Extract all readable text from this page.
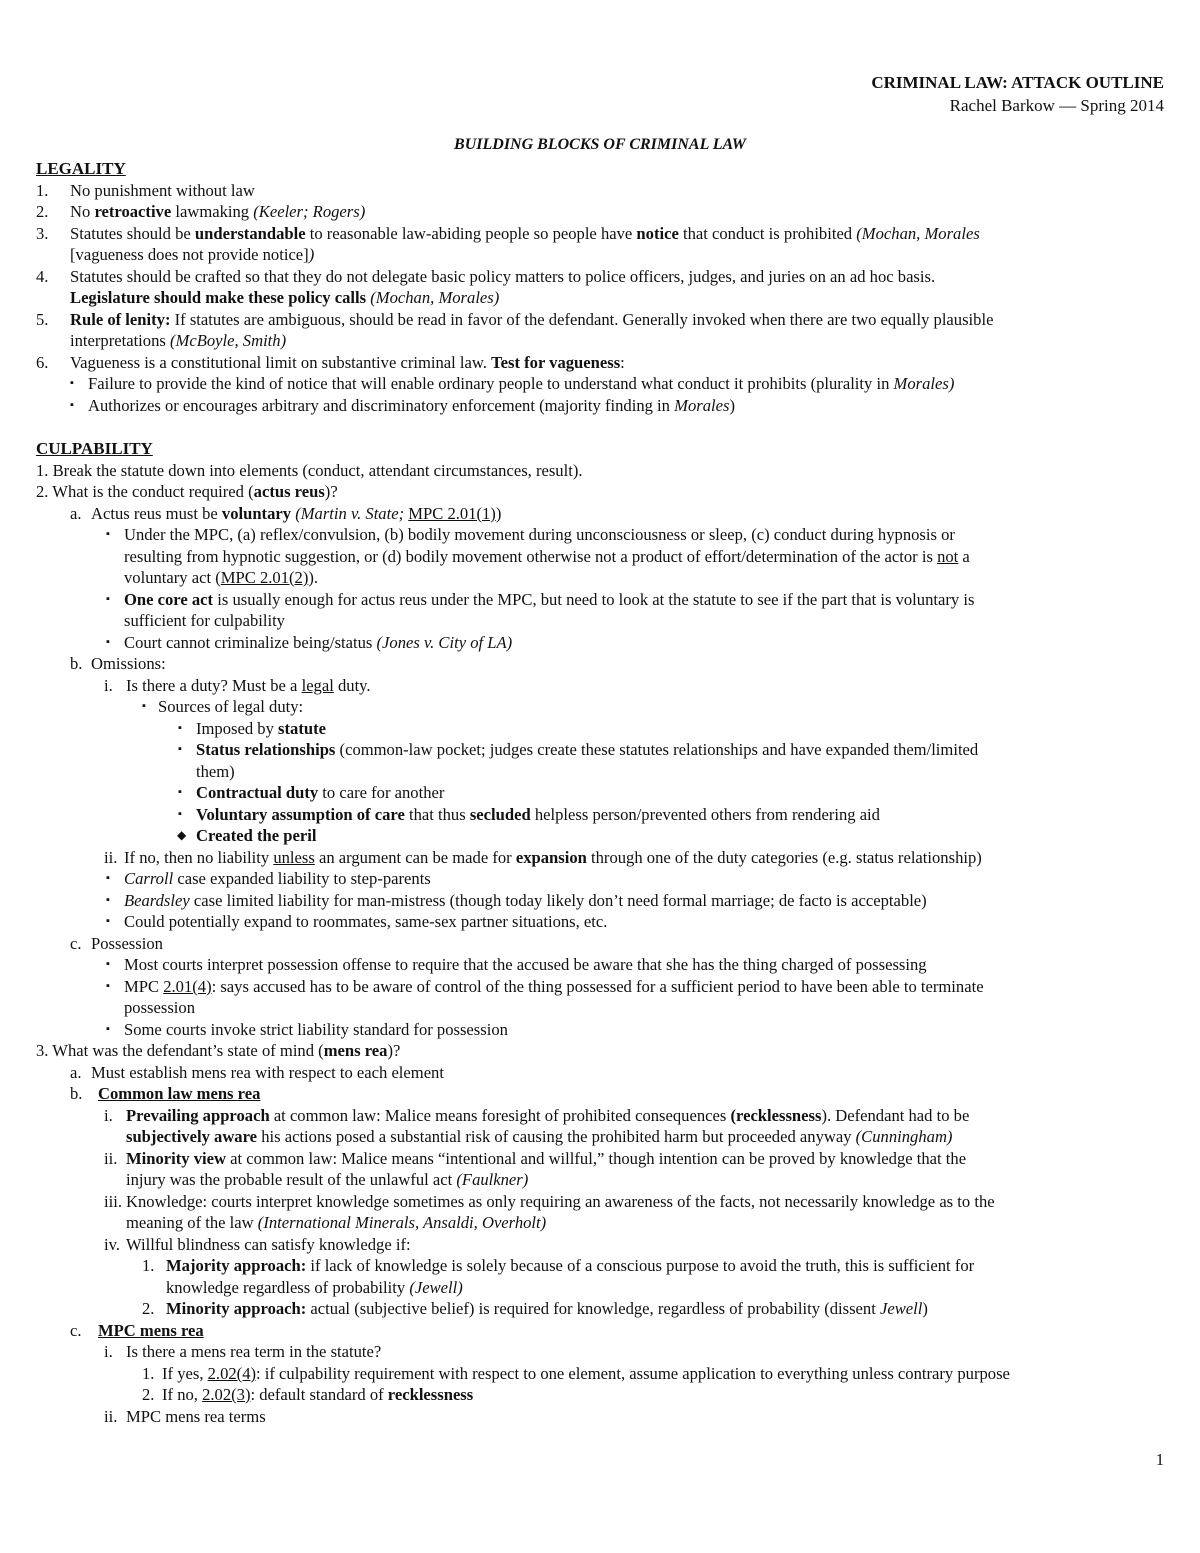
CRIMINAL LAW: ATTACK OUTLINE
Rachel Barkow — Spring 2014
BUILDING BLOCKS OF CRIMINAL LAW
LEGALITY
1. No punishment without law
2. No retroactive lawmaking (Keeler; Rogers)
3. Statutes should be understandable to reasonable law-abiding people so people have notice that conduct is prohibited (Mochan, Morales
[vagueness does not provide notice])
4. Statutes should be crafted so that they do not delegate basic policy matters to police officers, judges, and juries on an ad hoc basis.
Legislature should make these policy calls (Mochan, Morales)
5. Rule of lenity: If statutes are ambiguous, should be read in favor of the defendant. Generally invoked when there are two equally plausible
interpretations (McBoyle, Smith)
6. Vagueness is a constitutional limit on substantive criminal law. Test for vagueness:
▪ Failure to provide the kind of notice that will enable ordinary people to understand what conduct it prohibits (plurality in Morales)
▪ Authorizes or encourages arbitrary and discriminatory enforcement (majority finding in Morales)
CULPABILITY
1. Break the statute down into elements (conduct, attendant circumstances, result).
2. What is the conduct required (actus reus)?
a. Actus reus must be voluntary (Martin v. State; MPC 2.01(1))
▪ Under the MPC, (a) reflex/convulsion, (b) bodily movement during unconsciousness or sleep, (c) conduct during hypnosis or
resulting from hypnotic suggestion, or (d) bodily movement otherwise not a product of effort/determination of the actor is not a
voluntary act (MPC 2.01(2)).
▪ One core act is usually enough for actus reus under the MPC, but need to look at the statute to see if the part that is voluntary is
sufficient for culpability
▪ Court cannot criminalize being/status (Jones v. City of LA)
b. Omissions:
i. Is there a duty? Must be a legal duty.
▪ Sources of legal duty:
▪ Imposed by statute
▪ Status relationships (common-law pocket; judges create these statutes relationships and have expanded them/limited
them)
▪ Contractual duty to care for another
▪ Voluntary assumption of care that thus secluded helpless person/prevented others from rendering aid
◆ Created the peril
ii. If no, then no liability unless an argument can be made for expansion through one of the duty categories (e.g. status relationship)
▪ Carroll case expanded liability to step-parents
▪ Beardsley case limited liability for man-mistress (though today likely don’t need formal marriage; de facto is acceptable)
▪ Could potentially expand to roommates, same-sex partner situations, etc.
c. Possession
▪ Most courts interpret possession offense to require that the accused be aware that she has the thing charged of possessing
▪ MPC 2.01(4): says accused has to be aware of control of the thing possessed for a sufficient period to have been able to terminate
possession
▪ Some courts invoke strict liability standard for possession
3. What was the defendant’s state of mind (mens rea)?
a. Must establish mens rea with respect to each element
b. Common law mens rea
i. Prevailing approach at common law: Malice means foresight of prohibited consequences (recklessness). Defendant had to be
subjectively aware his actions posed a substantial risk of causing the prohibited harm but proceeded anyway (Cunningham)
ii. Minority view at common law: Malice means “intentional and willful,” though intention can be proved by knowledge that the
injury was the probable result of the unlawful act (Faulkner)
iii. Knowledge: courts interpret knowledge sometimes as only requiring an awareness of the facts, not necessarily knowledge as to the
meaning of the law (International Minerals, Ansaldi, Overholt)
iv. Willful blindness can satisfy knowledge if:
1. Majority approach: if lack of knowledge is solely because of a conscious purpose to avoid the truth, this is sufficient for
knowledge regardless of probability (Jewell)
2. Minority approach: actual (subjective belief) is required for knowledge, regardless of probability (dissent Jewell)
c. MPC mens rea
i. Is there a mens rea term in the statute?
1. If yes, 2.02(4): if culpability requirement with respect to one element, assume application to everything unless contrary purpose
2. If no, 2.02(3): default standard of recklessness
ii. MPC mens rea terms
1
